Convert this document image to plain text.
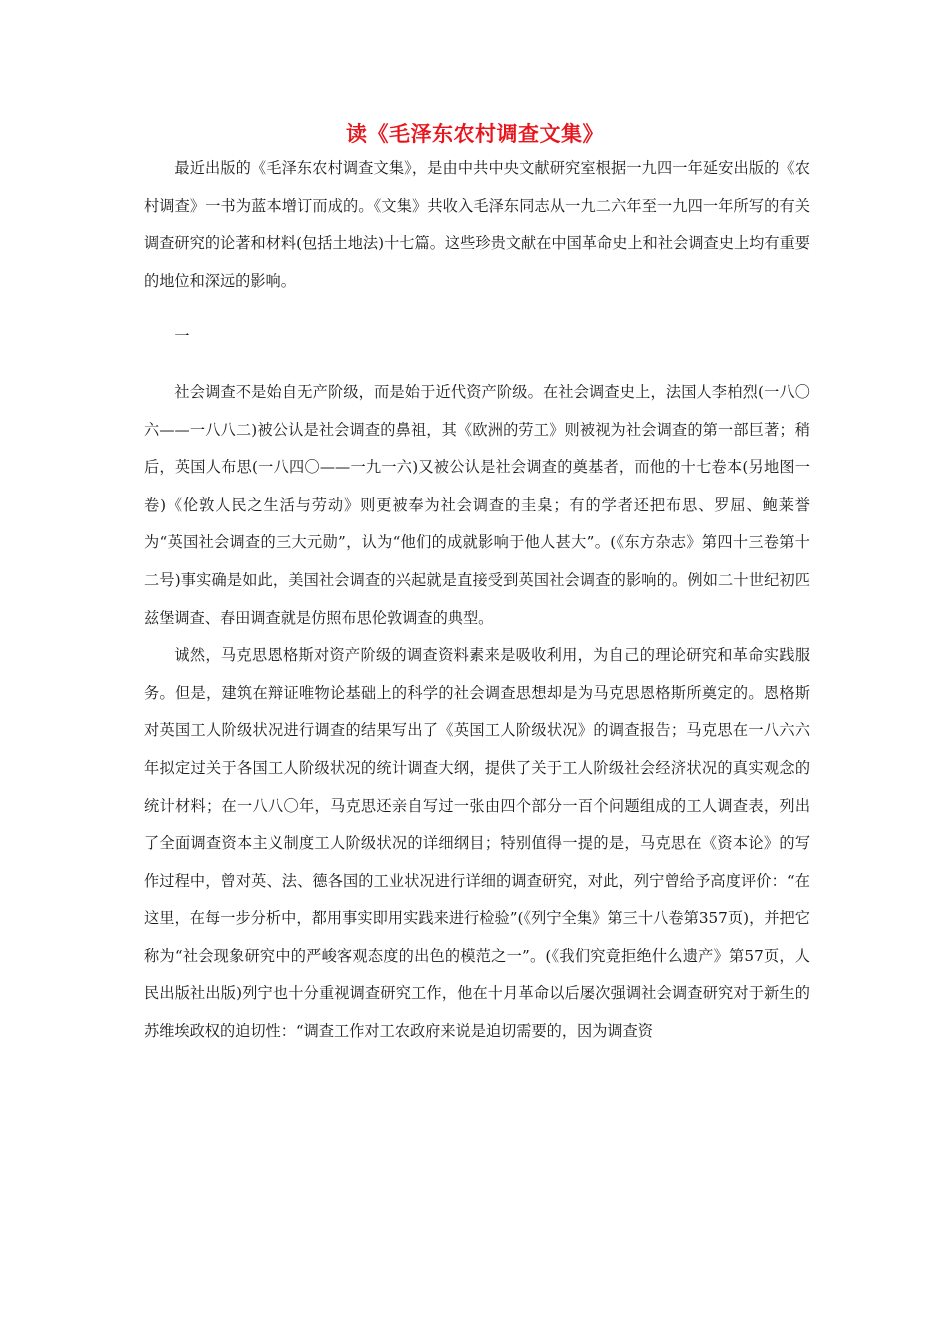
读《毛泽东农村调查文集》

最近出版的《毛泽东农村调查文集》，是由中共中央文献研究室根据一九四一年延安出版的《农村调查》一书为蓝本增订而成的。《文集》共收入毛泽东同志从一九二六年至一九四一年所写的有关调查研究的论著和材料(包括土地法)十七篇。这些珍贵文献在中国革命史上和社会调查史上均有重要的地位和深远的影响。

一

社会调查不是始自无产阶级，而是始于近代资产阶级。在社会调查史上，法国人李柏烈(一八〇六——一八八二)被公认是社会调查的鼻祖，其《欧洲的劳工》则被视为社会调查的第一部巨著；稍后，英国人布思(一八四〇——一九一六)又被公认是社会调查的奠基者，而他的十七卷本(另地图一卷)《伦敦人民之生活与劳动》则更被奉为社会调查的圭臬；有的学者还把布思、罗屈、鲍莱誉为“英国社会调查的三大元勋”，认为“他们的成就影响于他人甚大”。(《东方杂志》第四十三卷第十二号)事实确是如此，美国社会调查的兴起就是直接受到英国社会调查的影响的。例如二十世纪初匹兹堡调查、春田调查就是仿照布思伦敦调查的典型。

诚然，马克思恩格斯对资产阶级的调查资料素来是吸收利用，为自己的理论研究和革命实践服务。但是，建筑在辩证唯物论基础上的科学的社会调查思想却是为马克思恩格斯所奠定的。恩格斯对英国工人阶级状况进行调查的结果写出了《英国工人阶级状况》的调查报告；马克思在一八六六年拟定过关于各国工人阶级状况的统计调查大纲，提供了关于工人阶级社会经济状况的真实观念的统计材料；在一八八〇年，马克思还亲自写过一张由四个部分一百个问题组成的工人调查表，列出了全面调查资本主义制度工人阶级状况的详细纲目；特别值得一提的是，马克思在《资本论》的写作过程中，曾对英、法、德各国的工业状况进行详细的调查研究，对此，列宁曾给予高度评价：“在这里，在每一步分析中，都用事实即用实践来进行检验”(《列宁全集》第三十八卷第357页)，并把它称为“社会现象研究中的严峻客观态度的出色的模范之一”。(《我们究竟拒绝什么遗产》第57页，人民出版社出版)列宁也十分重视调查研究工作，他在十月革命以后屡次强调社会调查研究对于新生的苏维埃政权的迫切性：“调查工作对工农政府来说是迫切需要的，因为调查资
